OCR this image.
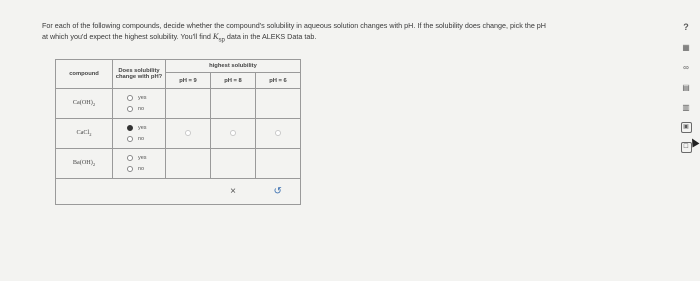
For each of the following compounds, decide whether the compound's solubility in aqueous solution changes with pH. If the solubility does change, pick the pH
at which you'd expect the highest solubility. You'll find $K_{sp}$ data in the ALEKS Data tab.
compound	Does solubility change with pH?	highest solubility		
		pH = 9	pH = 8	pH = 6
$Ca(OH)_2$	yes
no			

CaCl$_2$	yes
no			

$Ba(OH)_2$	yes
no			

			×	↺
?
▦
∞
▤
▥
▣
☐
